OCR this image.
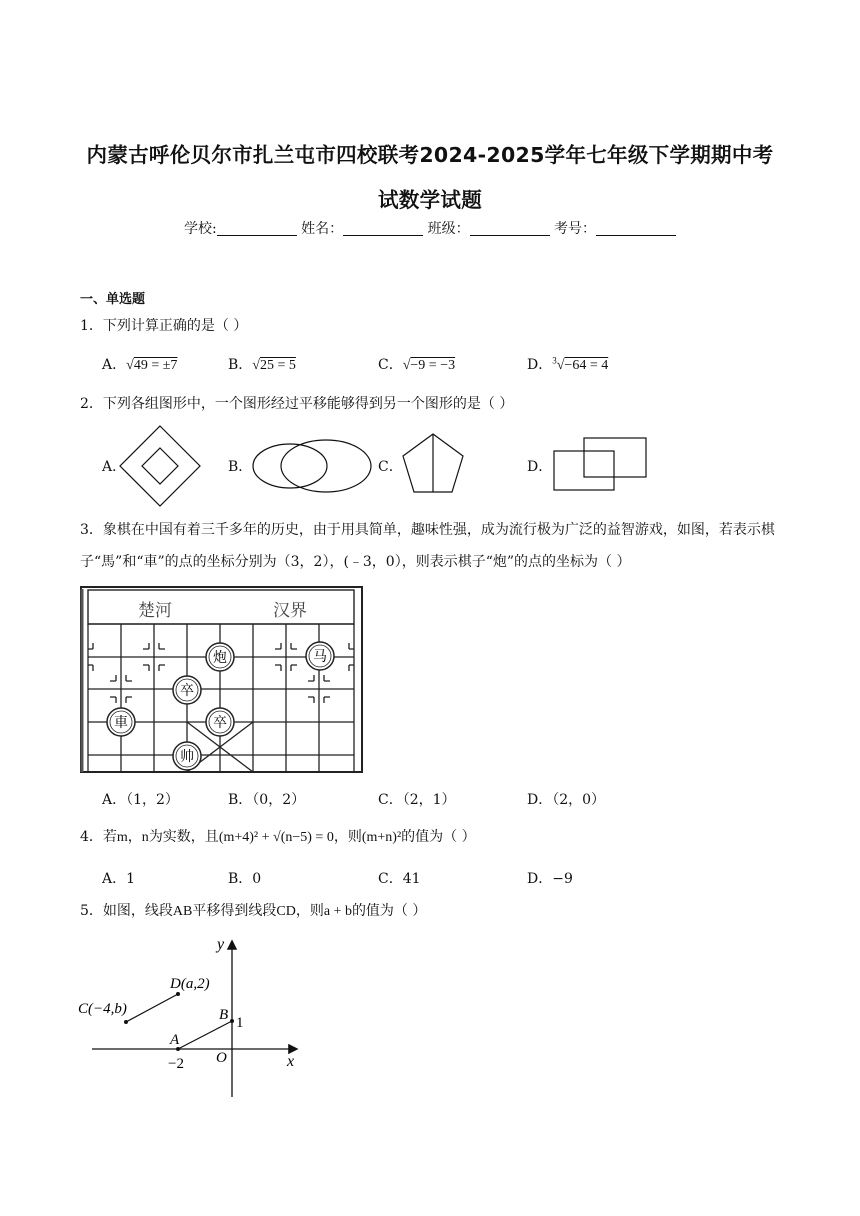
内蒙古呼伦贝尔市扎兰屯市四校联考2024-2025学年七年级下学期期中考
试数学试题
学校:	姓名：	班级：	考号：
一、单选题
1．下列计算正确的是（ ）
A．√49 = ±7	B．√25 = 5	C．√−9 = −3	D．$^3$√−64 = 4
2．下列各组图形中，一个图形经过平移能够得到另一个图形的是（ ）
A．	B．	C．	D．
3．象棋在中国有着三千多年的历史，由于用具简单，趣味性强，成为流行极为广泛的益智游戏，如图，若表示棋子“馬”和“車”的点的坐标分别为（3，2），(﹣3，0），则表示棋子“炮”的点的坐标为（ ）
楚河	汉界
炮	马
卒
卒
車
帅
A．（1，2）	B．（0，2）	C．（2，1）	D．（2，0）
4．若m，n为实数，且(m+4)² + √(n−5) = 0，则(m+n)²的值为（ ）
A．1	B．0	C．41	D．−9
5．如图，线段AB平移得到线段CD，则a + b的值为（ ）
y
x
O
C(−4,b)
D(a,2)
A
B 1
−2
